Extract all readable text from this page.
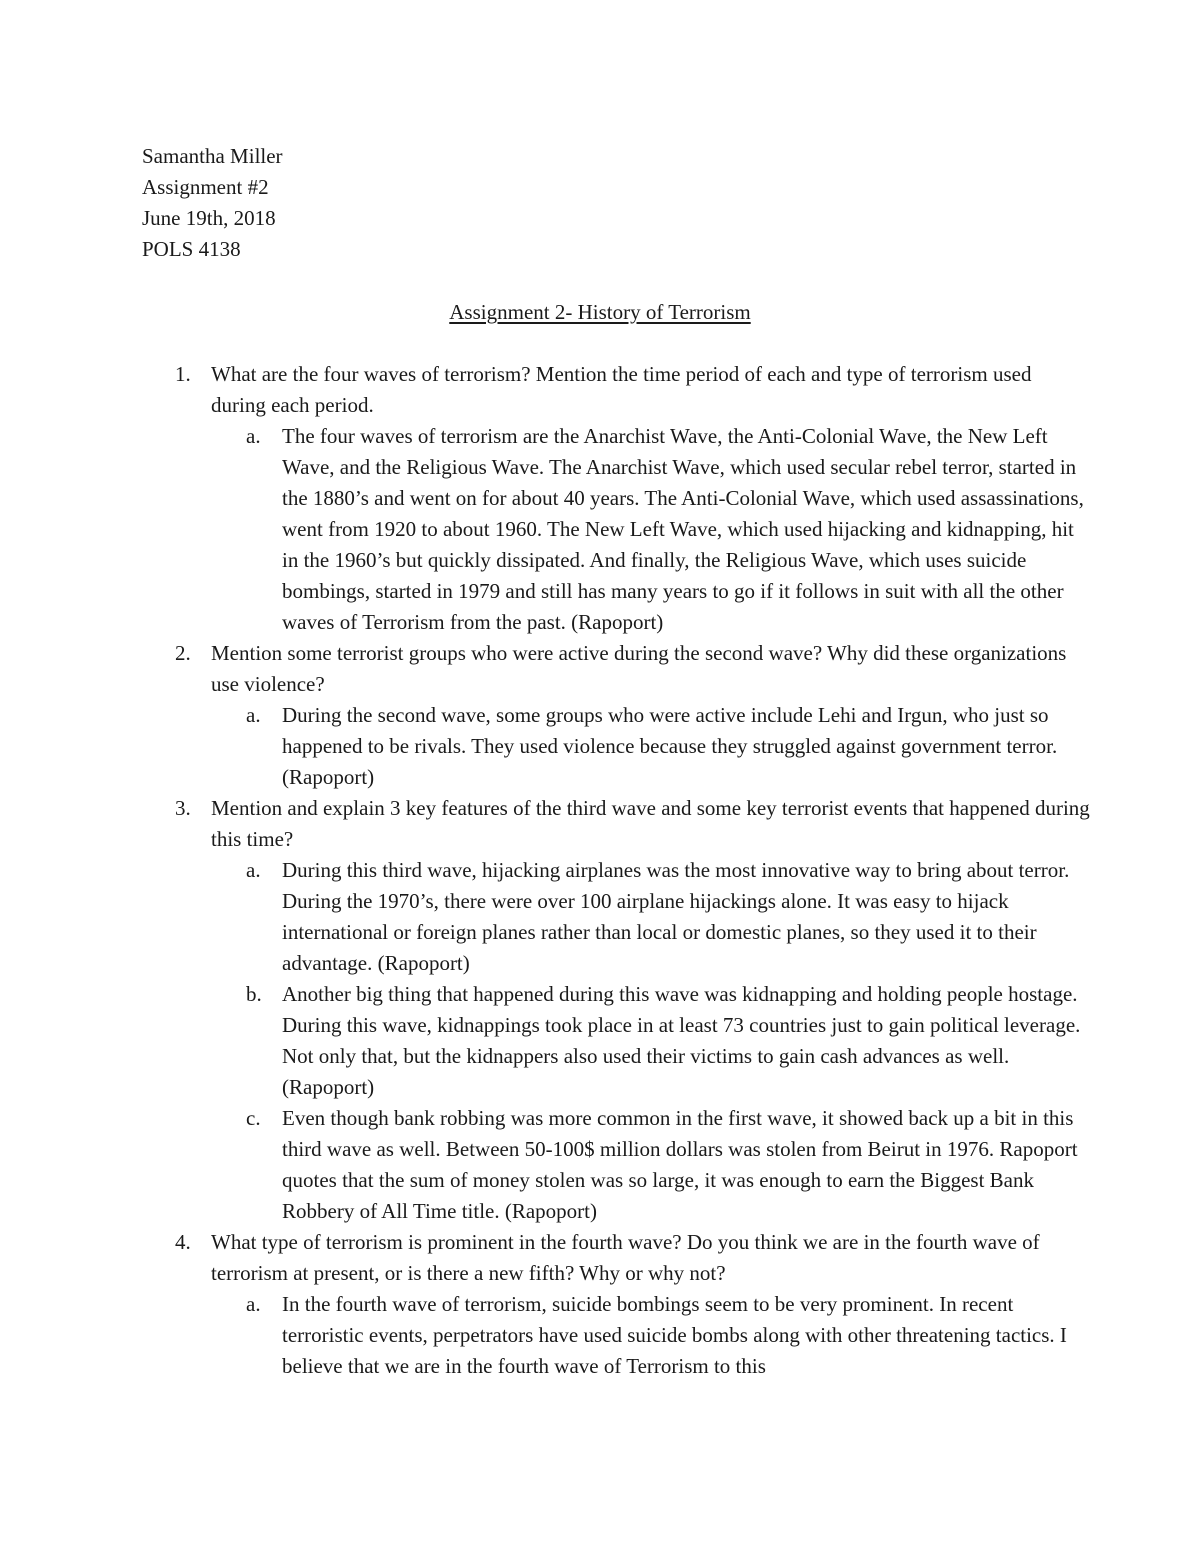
Samantha Miller
Assignment #2
June 19th, 2018
POLS 4138
Assignment 2- History of Terrorism
1. What are the four waves of terrorism? Mention the time period of each and type of terrorism used during each period.
a. The four waves of terrorism are the Anarchist Wave, the Anti-Colonial Wave, the New Left Wave, and the Religious Wave. The Anarchist Wave, which used secular rebel terror, started in the 1880’s and went on for about 40 years. The Anti-Colonial Wave, which used assassinations, went from 1920 to about 1960. The New Left Wave, which used hijacking and kidnapping, hit in the 1960’s but quickly dissipated. And finally, the Religious Wave, which uses suicide bombings, started in 1979 and still has many years to go if it follows in suit with all the other waves of Terrorism from the past. (Rapoport)
2. Mention some terrorist groups who were active during the second wave? Why did these organizations use violence?
a. During the second wave, some groups who were active include Lehi and Irgun, who just so happened to be rivals. They used violence because they struggled against government terror. (Rapoport)
3. Mention and explain 3 key features of the third wave and some key terrorist events that happened during this time?
a. During this third wave, hijacking airplanes was the most innovative way to bring about terror. During the 1970’s, there were over 100 airplane hijackings alone. It was easy to hijack international or foreign planes rather than local or domestic planes, so they used it to their advantage. (Rapoport)
b. Another big thing that happened during this wave was kidnapping and holding people hostage. During this wave, kidnappings took place in at least 73 countries just to gain political leverage. Not only that, but the kidnappers also used their victims to gain cash advances as well. (Rapoport)
c. Even though bank robbing was more common in the first wave, it showed back up a bit in this third wave as well. Between 50-100$ million dollars was stolen from Beirut in 1976. Rapoport quotes that the sum of money stolen was so large, it was enough to earn the Biggest Bank Robbery of All Time title. (Rapoport)
4. What type of terrorism is prominent in the fourth wave? Do you think we are in the fourth wave of terrorism at present, or is there a new fifth? Why or why not?
a. In the fourth wave of terrorism, suicide bombings seem to be very prominent. In recent terroristic events, perpetrators have used suicide bombs along with other threatening tactics. I believe that we are in the fourth wave of Terrorism to this
